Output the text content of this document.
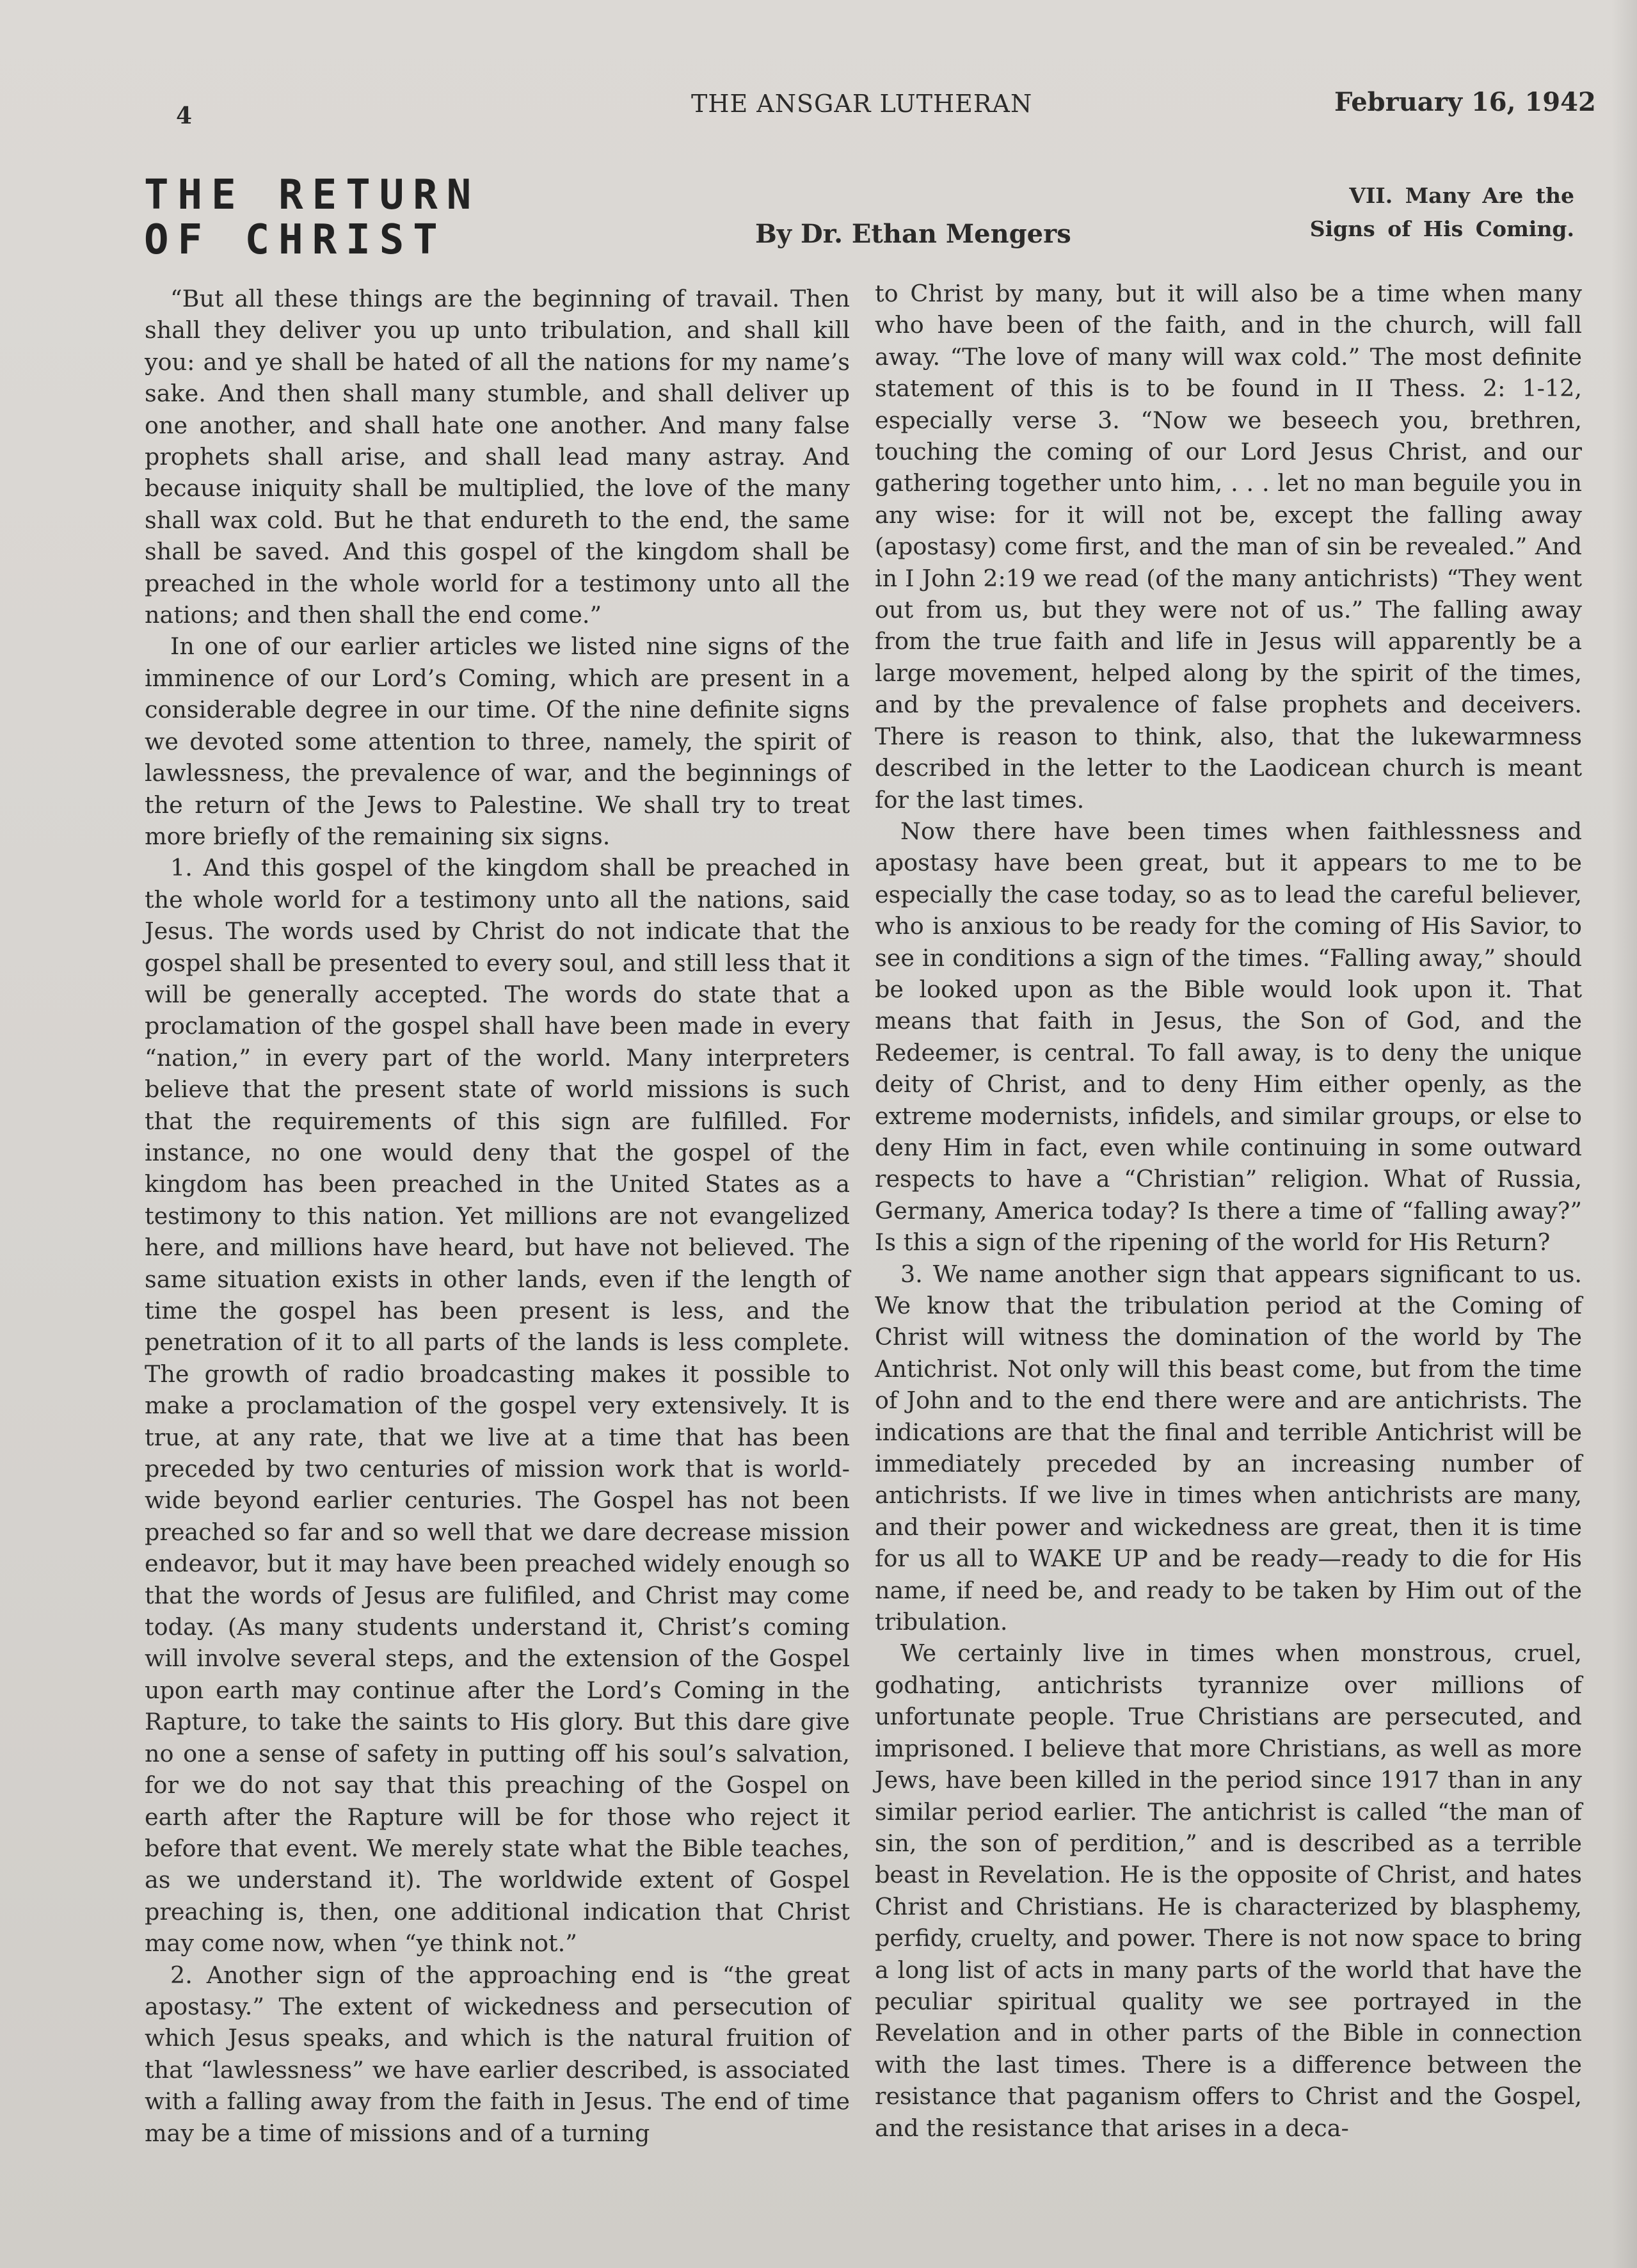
4	THE ANSGAR LUTHERAN	February 16, 1942
THE RETURN
OF CHRIST	By Dr. Ethan Mengers
VII. Many Are the
Signs of His Coming.

“But all these things are the beginning of travail. Then shall they deliver you up unto tribulation, and shall kill you: and ye shall be hated of all the nations for my name’s sake. And then shall many stumble, and shall deliver up one another, and shall hate one another. And many false prophets shall arise, and shall lead many astray. And because iniquity shall be multiplied, the love of the many shall wax cold. But he that endureth to the end, the same shall be saved. And this gospel of the kingdom shall be preached in the whole world for a testimony unto all the nations; and then shall the end come.”

In one of our earlier articles we listed nine signs of the imminence of our Lord’s Coming, which are present in a considerable degree in our time. Of the nine definite signs we devoted some attention to three, namely, the spirit of lawlessness, the prevalence of war, and the beginnings of the return of the Jews to Palestine. We shall try to treat more briefly of the remaining six signs.

1. And this gospel of the kingdom shall be preached in the whole world for a testimony unto all the nations, said Jesus. The words used by Christ do not indicate that the gospel shall be presented to every soul, and still less that it will be generally accepted. The words do state that a proclamation of the gospel shall have been made in every “nation,” in every part of the world. Many interpreters believe that the present state of world missions is such that the requirements of this sign are fulfilled. For instance, no one would deny that the gospel of the kingdom has been preached in the United States as a testimony to this nation. Yet millions are not evangelized here, and millions have heard, but have not believed. The same situation exists in other lands, even if the length of time the gospel has been present is less, and the penetration of it to all parts of the lands is less complete. The growth of radio broadcasting makes it possible to make a proclamation of the gospel very extensively. It is true, at any rate, that we live at a time that has been preceded by two centuries of mission work that is world-wide beyond earlier centuries. The Gospel has not been preached so far and so well that we dare decrease mission endeavor, but it may have been preached widely enough so that the words of Jesus are fulifiled, and Christ may come today. (As many students understand it, Christ’s coming will involve several steps, and the extension of the Gospel upon earth may continue after the Lord’s Coming in the Rapture, to take the saints to His glory. But this dare give no one a sense of safety in putting off his soul’s salvation, for we do not say that this preaching of the Gospel on earth after the Rapture will be for those who reject it before that event. We merely state what the Bible teaches, as we understand it). The worldwide extent of Gospel preaching is, then, one additional indication that Christ may come now, when “ye think not.”

2. Another sign of the approaching end is “the great apostasy.” The extent of wickedness and persecution of which Jesus speaks, and which is the natural fruition of that “lawlessness” we have earlier described, is associated with a falling away from the faith in Jesus. The end of time may be a time of missions and of a turning

to Christ by many, but it will also be a time when many who have been of the faith, and in the church, will fall away. “The love of many will wax cold.” The most definite statement of this is to be found in II Thess. 2: 1-12, especially verse 3. “Now we beseech you, brethren, touching the coming of our Lord Jesus Christ, and our gathering together unto him, . . . let no man beguile you in any wise: for it will not be, except the falling away (apostasy) come first, and the man of sin be revealed.” And in I John 2:19 we read (of the many antichrists) “They went out from us, but they were not of us.” The falling away from the true faith and life in Jesus will apparently be a large movement, helped along by the spirit of the times, and by the prevalence of false prophets and deceivers. There is reason to think, also, that the lukewarmness described in the letter to the Laodicean church is meant for the last times.

Now there have been times when faithlessness and apostasy have been great, but it appears to me to be especially the case today, so as to lead the careful believer, who is anxious to be ready for the coming of His Savior, to see in conditions a sign of the times. “Falling away,” should be looked upon as the Bible would look upon it. That means that faith in Jesus, the Son of God, and the Redeemer, is central. To fall away, is to deny the unique deity of Christ, and to deny Him either openly, as the extreme modernists, infidels, and similar groups, or else to deny Him in fact, even while continuing in some outward respects to have a “Christian” religion. What of Russia, Germany, America today? Is there a time of “falling away?” Is this a sign of the ripening of the world for His Return?

3. We name another sign that appears significant to us. We know that the tribulation period at the Coming of Christ will witness the domination of the world by The Antichrist. Not only will this beast come, but from the time of John and to the end there were and are antichrists. The indications are that the final and terrible Antichrist will be immediately preceded by an increasing number of antichrists. If we live in times when antichrists are many, and their power and wickedness are great, then it is time for us all to WAKE UP and be ready—ready to die for His name, if need be, and ready to be taken by Him out of the tribulation.

We certainly live in times when monstrous, cruel, godhating, antichrists tyrannize over millions of unfortunate people. True Christians are persecuted, and imprisoned. I believe that more Christians, as well as more Jews, have been killed in the period since 1917 than in any similar period earlier. The antichrist is called “the man of sin, the son of perdition,” and is described as a terrible beast in Revelation. He is the opposite of Christ, and hates Christ and Christians. He is characterized by blasphemy, perfidy, cruelty, and power. There is not now space to bring a long list of acts in many parts of the world that have the peculiar spiritual quality we see portrayed in the Revelation and in other parts of the Bible in connection with the last times. There is a difference between the resistance that paganism offers to Christ and the Gospel, and the resistance that arises in a deca-
